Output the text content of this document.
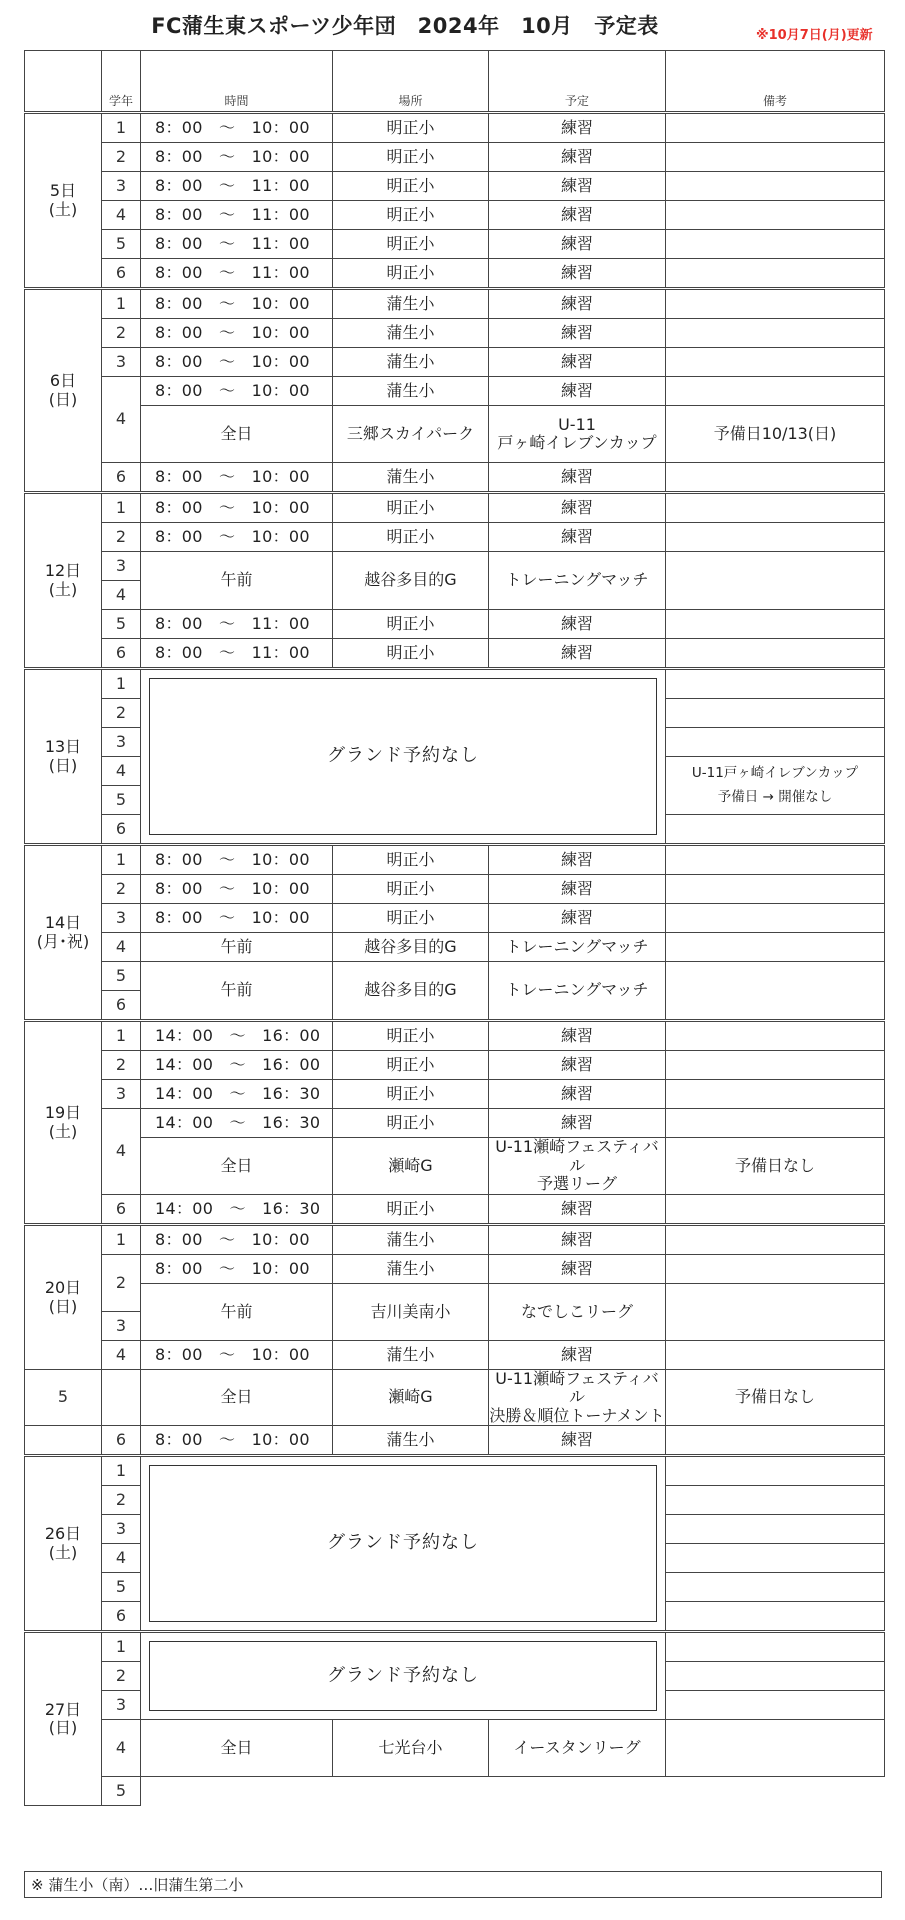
FC蒲生東スポーツ少年団　2024年　10月　予定表	※10月7日(月)更新
	学年	時間	場所	予定	備考
5日
(土)	1	8：00　～　10：00	明正小	練習	
	2	8：00　～　10：00	明正小	練習	
	3	8：00　～　11：00	明正小	練習	
	4	8：00　～　11：00	明正小	練習	
	5	8：00　～　11：00	明正小	練習	
	6	8：00　～　11：00	明正小	練習	
6日
(日)	1	8：00　～　10：00	蒲生小	練習	
	2	8：00　～　10：00	蒲生小	練習	
	3	8：00　～　10：00	蒲生小	練習	
	4	8：00　～　10：00	蒲生小	練習	
		全日	三郷スカイパーク	U-11
戸ヶ崎イレブンカップ	予備日10/13(日)
	6	8：00　～　10：00	蒲生小	練習	
12日
(土)	1	8：00　～　10：00	明正小	練習	
	2	8：00　～　10：00	明正小	練習	
	3	午前	越谷多目的G	トレーニングマッチ	
	4				
	5	8：00　～　11：00	明正小	練習	
	6	8：00　～　11：00	明正小	練習	
13日
(日)	1	グランド予約なし			

	2				
	3				
	4				U-11戸ヶ崎イレブンカップ
予備日 → 開催なし
	5				
	6				
14日
(月･祝)	1	8：00　～　10：00	明正小	練習	
	2	8：00　～　10：00	明正小	練習	
	3	8：00　～　10：00	明正小	練習	
	4	午前	越谷多目的G	トレーニングマッチ	
	5	午前	越谷多目的G	トレーニングマッチ	
	6				
19日
(土)	1	14：00　～　16：00	明正小	練習	
	2	14：00　～　16：00	明正小	練習	
	3	14：00　～　16：30	明正小	練習	
	4	14：00　～　16：30	明正小	練習	
		全日	瀬崎G	U-11瀬崎フェスティバル
予選リーグ	予備日なし
	6	14：00　～　16：30	明正小	練習	
20日
(日)	1	8：00　～　10：00	蒲生小	練習	
	2	8：00　～　10：00	蒲生小	練習	
		午前	吉川美南小	なでしこリーグ	
	3				
	4	8：00　～　10：00	蒲生小	練習	
		全日	瀬崎G	U-11瀬崎フェスティバル
決勝＆順位トーナメント	予備日なし
5					
	6	8：00　～　10：00	蒲生小	練習	
26日
(土)	1	グランド予約なし			

	2				
	3				
	4				
	5				
	6				
27日
(日)	1	グランド予約なし			

	2				
	3				
	4	全日	七光台小	イースタンリーグ	

	5				
※ 蒲生小（南）…旧蒲生第二小
